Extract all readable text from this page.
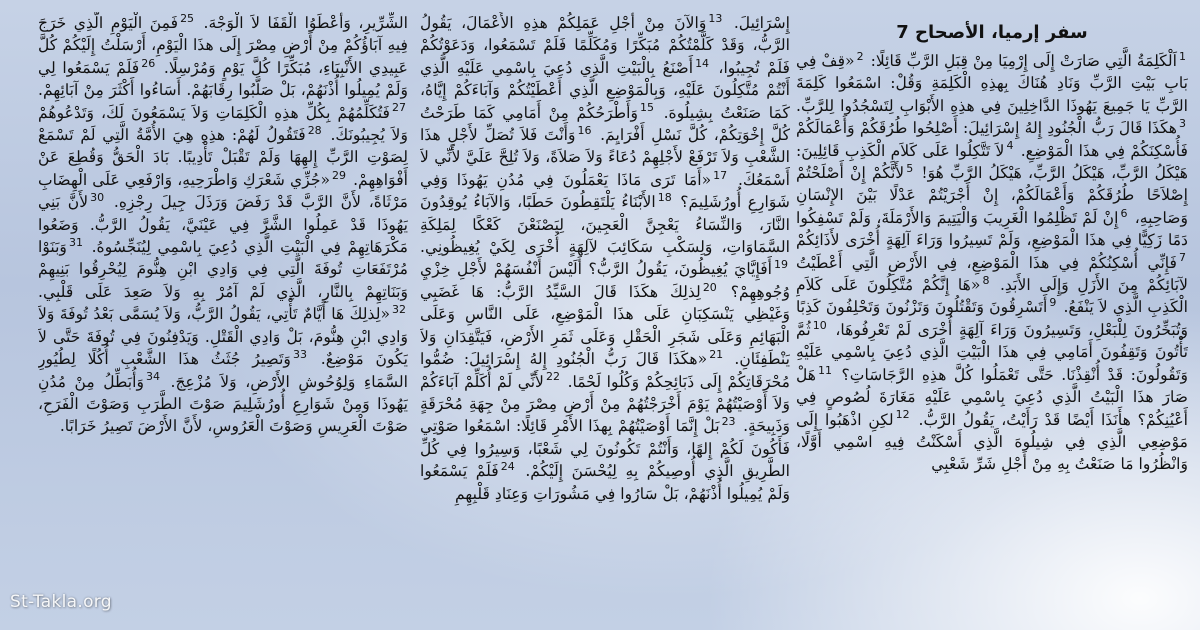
سفر إرميا، الأصحاح 7

$^1$اَلْكَلِمَةُ الَّتِي صَارَتْ إِلَى إِرْمِيَا مِنْ قِبَلِ الرَّبِّ قَائِلًا: $^2$«قِفْ فِي بَابِ بَيْتِ الرَّبِّ وَنَادِ هُنَاكَ بِهذِهِ الْكَلِمَةِ وَقُلْ: اسْمَعُوا كَلِمَةَ الرَّبِّ يَا جَمِيعَ يَهُوذَا الدَّاخِلِينَ فِي هذِهِ الأَبْوَابِ لِتَسْجُدُوا لِلرَّبِّ. $^3$هكَذَا قَالَ رَبُّ الْجُنُودِ إِلهُ إِسْرَائِيلَ: أَصْلِحُوا طُرُقَكُمْ وَأَعْمَالَكُمْ فَأُسْكِنَكُمْ فِي هذَا الْمَوْضِعِ. $^4$لاَ تَتَّكِلُوا عَلَى كَلاَمِ الْكَذِبِ قَائِلِينَ: هَيْكَلُ الرَّبِّ، هَيْكَلُ الرَّبِّ، هَيْكَلُ الرَّبِّ هُوَ! $^5$لأَنَّكُمْ إِنْ أَصْلَحْتُمْ إِصْلاَحًا طُرُقَكُمْ وَأَعْمَالَكُمْ، إِنْ أَجْرَيْتُمْ عَدْلًا بَيْنَ الإِنْسَانِ وَصَاحِبِهِ، $^6$إِنْ لَمْ تَظْلِمُوا الْغَرِيبَ وَالْيَتِيمَ وَالأَرْمَلَةَ، وَلَمْ تَسْفِكُوا دَمًا زَكِيًّا فِي هذَا الْمَوْضِعِ، وَلَمْ تَسِيرُوا وَرَاءَ آلِهَةٍ أُخْرَى لأَذَائِكُمْ $^7$فَإِنِّي أُسْكِنُكُمْ فِي هذَا الْمَوْضِعِ، فِي الأَرْضِ الَّتِي أَعْطَيْتُ لآبَائِكُمْ مِنَ الأَزَلِ وَإِلَى الأَبَدِ. $^8$«هَا إِنَّكُمْ مُتَّكِلُونَ عَلَى كَلاَمِ الْكَذِبِ الَّذِي لاَ يَنْفَعُ. $^9$أَتَسْرِقُونَ وَتَقْتُلُونَ وَتَزْنُونَ وَتَحْلِفُونَ كَذِبًا وَتُبَخِّرُونَ لِلْبَعْلِ، وَتَسِيرُونَ وَرَاءَ آلِهَةٍ أُخْرَى لَمْ تَعْرِفُوهَا، $^{10}$ثُمَّ تَأْتُونَ وَتَقِفُونَ أَمَامِي فِي هذَا الْبَيْتِ الَّذِي دُعِيَ بِاسْمِي عَلَيْهِ وَتَقُولُونَ: قَدْ أُنْقِذْنَا. حَتَّى تَعْمَلُوا كُلَّ هذِهِ الرَّجَاسَاتِ؟ $^{11}$هَلْ صَارَ هذَا الْبَيْتُ الَّذِي دُعِيَ بِاسْمِي عَلَيْهِ مَغَارَةَ لُصُوصٍ فِي أَعْيُنِكُمْ؟ هأَنَذَا أَيْضًا قَدْ رَأَيْتُ، يَقُولُ الرَّبُّ. $^{12}$لكِنِ اذْهَبُوا إِلَى مَوْضِعِي الَّذِي فِي شِيلُوهَ الَّذِي أَسْكَنْتُ فِيهِ اسْمِي أَوَّلًا، وَانْظُرُوا مَا صَنَعْتُ بِهِ مِنْ أَجْلِ شَرِّ شَعْبِي

إِسْرَائِيلَ. $^{13}$وَالآنَ مِنْ أَجْلِ عَمَلِكُمْ هذِهِ الأَعْمَالَ، يَقُولُ الرَّبُّ، وَقَدْ كَلَّمْتُكُمْ مُبَكِّرًا وَمُكَلِّمًا فَلَمْ تَسْمَعُوا، وَدَعَوْتُكُمْ فَلَمْ تُجِيبُوا، $^{14}$أَصْنَعُ بِالْبَيْتِ الَّذِي دُعِيَ بِاسْمِي عَلَيْهِ الَّذِي أَنْتُمْ مُتَّكِلُونَ عَلَيْهِ، وَبِالْمَوْضِعِ الَّذِي أَعْطَيْتُكُمْ وَآبَاءَكُمْ إِيَّاهُ، كَمَا صَنَعْتُ بِشِيلُوهَ. $^{15}$وَأَطْرَحُكُمْ مِنْ أَمَامِي كَمَا طَرَحْتُ كُلَّ إِخْوَتِكُمْ، كُلَّ نَسْلِ أَفْرَايِمَ. $^{16}$وَأَنْتَ فَلاَ تُصَلِّ لأَجْلِ هذَا الشَّعْبِ وَلاَ تَرْفَعْ لأَجْلِهِمْ دُعَاءً وَلاَ صَلاَةً، وَلاَ تُلِحَّ عَلَيَّ لأَنِّي لاَ أَسْمَعُكَ. $^{17}$«أَمَا تَرَى مَاذَا يَعْمَلُونَ فِي مُدُنِ يَهُوذَا وَفِي شَوَارِعِ أُورُشَلِيمَ؟ $^{18}$الأَبْنَاءُ يَلْتَقِطُونَ حَطَبًا، وَالآبَاءُ يُوقِدُونَ النَّارَ، وَالنِّسَاءُ يَعْجِنَّ الْعَجِينَ، لِيَصْنَعْنَ كَعْكًا لِمَلِكَةِ السَّمَاوَاتِ، وَلِسَكْبِ سَكَائِبَ لآلِهَةٍ أُخْرَى لِكَيْ يُغِيظُونِي. $^{19}$أَفَإِيَّايَ يُغِيظُونَ، يَقُولُ الرَّبُّ؟ أَلَيْسَ أَنْفُسَهُمْ لأَجْلِ خِزْيِ وُجُوهِهِمْ؟ $^{20}$لِذلِكَ هكَذَا قَالَ السَّيِّدُ الرَّبُّ: هَا غَضَبِي وَغَيْظِي يَنْسَكِبَانِ عَلَى هذَا الْمَوْضِعِ، عَلَى النَّاسِ وَعَلَى الْبَهَائِمِ وَعَلَى شَجَرِ الْحَقْلِ وَعَلَى ثَمَرِ الأَرْضِ، فَيَتَّقِدَانِ وَلاَ يَنْطَفِئَانِ. $^{21}$«هكَذَا قَالَ رَبُّ الْجُنُودِ إِلهُ إِسْرَائِيلَ: ضُمُّوا مُحْرَقَاتِكُمْ إِلَى ذَبَائِحِكُمْ وَكُلُوا لَحْمًا. $^{22}$لأَنِّي لَمْ أُكَلِّمْ آبَاءَكُمْ وَلاَ أَوْصَيْتُهُمْ يَوْمَ أَخْرَجْتُهُمْ مِنْ أَرْضِ مِصْرَ مِنْ جِهَةِ مُحْرَقَةٍ وَذَبِيحَةٍ. $^{23}$بَلْ إِنَّمَا أَوْصَيْتُهُمْ بِهذَا الأَمْرِ قَائِلًا: اسْمَعُوا صَوْتِي فَأَكُونَ لَكُمْ إِلهًا، وَأَنْتُمْ تَكُونُونَ لِي شَعْبًا، وَسِيرُوا فِي كُلِّ الطَّرِيقِ الَّذِي أُوصِيكُمْ بِهِ لِيُحْسَنَ إِلَيْكُمْ. $^{24}$فَلَمْ يَسْمَعُوا وَلَمْ يُمِيلُوا أُذْنَهُمْ، بَلْ سَارُوا فِي مَشُورَاتِ وَعِنَادِ قَلْبِهِمِ

الشِّرِّيرِ، وَأَعْطَوُا الْقَفَا لاَ الْوَجْهَ. $^{25}$فَمِنَ الْيَوْمِ الَّذِي خَرَجَ فِيهِ آبَاؤُكُمْ مِنْ أَرْضِ مِصْرَ إِلَى هذَا الْيَوْمِ، أَرْسَلْتُ إِلَيْكُمْ كُلَّ عَبِيدِي الأَنْبِيَاءِ، مُبَكِّرًا كُلَّ يَوْمٍ وَمُرْسِلًا. $^{26}$فَلَمْ يَسْمَعُوا لِي وَلَمْ يُمِيلُوا أُذْنَهُمْ، بَلْ صَلَّبُوا رِقَابَهُمْ. أَسَاءُوا أَكْثَرَ مِنْ آبَائِهِمْ. $^{27}$فَتُكَلِّمُهُمْ بِكُلِّ هذِهِ الْكَلِمَاتِ وَلاَ يَسْمَعُونَ لَكَ، وَتَدْعُوهُمْ وَلاَ يُجِيبُونَكَ. $^{28}$فَتَقُولُ لَهُمْ: هذِهِ هِيَ الأُمَّةُ الَّتِي لَمْ تَسْمَعْ لِصَوْتِ الرَّبِّ إِلهِهَا وَلَمْ تَقْبَلْ تَأْدِيبًا. بَادَ الْحَقُّ وَقُطِعَ عَنْ أَفْوَاهِهِمْ. $^{29}$«جُزِّي شَعْرَكِ وَاطْرَحِيهِ، وَارْفَعِي عَلَى الْهِضَابِ مَرْثَاةً، لأَنَّ الرَّبَّ قَدْ رَفَضَ وَرَذَلَ جِيلَ رِجْزِهِ. $^{30}$لأَنَّ بَنِي يَهُوذَا قَدْ عَمِلُوا الشَّرَّ فِي عَيْنَيَّ، يَقُولُ الرَّبُّ. وَضَعُوا مَكْرَهَاتِهِمْ فِي الْبَيْتِ الَّذِي دُعِيَ بِاسْمِي لِيُنَجِّسُوهُ. $^{31}$وَبَنَوْا مُرْتَفَعَاتِ تُوفَةَ الَّتِي فِي وَادِي ابْنِ هِنُّومَ لِيُحْرِقُوا بَنِيهِمْ وَبَنَاتِهِمْ بِالنَّارِ، الَّذِي لَمْ آمُرْ بِهِ وَلاَ صَعِدَ عَلَى قَلْبِي. $^{32}$«لِذلِكَ هَا أَيَّامٌ تَأْتِي، يَقُولُ الرَّبُّ، وَلاَ يُسَمَّى بَعْدُ تُوفَةَ وَلاَ وَادِي ابْنِ هِنُّومَ، بَلْ وَادِي الْقَتْلِ. وَيَدْفِنُونَ فِي تُوفَةَ حَتَّى لاَ يَكُونَ مَوْضِعٌ. $^{33}$وَتَصِيرُ جُثَثُ هذَا الشَّعْبِ أُكُلًا لِطُيُورِ السَّمَاءِ وَلِوُحُوشِ الأَرْضِ، وَلاَ مُزْعِجَ. $^{34}$وَأُبَطِّلُ مِنْ مُدُنِ يَهُوذَا وَمِنْ شَوَارِعِ أُورُشَلِيمَ صَوْتَ الطَّرَبِ وَصَوْتَ الْفَرَحِ، صَوْتَ الْعَرِيسِ وَصَوْتَ الْعَرُوسِ، لأَنَّ الأَرْضَ تَصِيرُ خَرَابًا.

St-Takla.org
